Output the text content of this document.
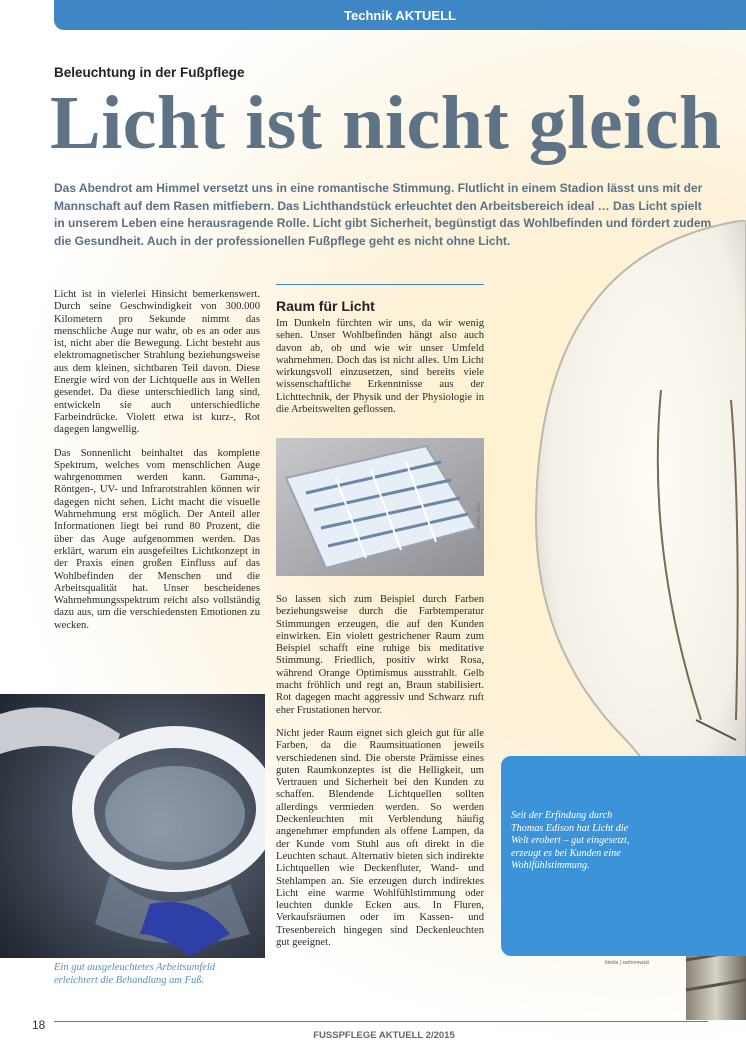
Technik AKTUELL
Beleuchtung in der Fußpflege
Licht ist nicht gleich

Das Abendrot am Himmel versetzt uns in eine romantische Stimmung. Flutlicht in einem Stadion lässt uns mit der Mannschaft auf dem Rasen mitfiebern. Das Lichthandstück erleuchtet den Arbeitsbereich ideal … Das Licht spielt in unserem Leben eine herausragende Rolle. Licht gibt Sicherheit, begünstigt das Wohlbefinden und fördert zudem die Gesundheit. Auch in der professionellen Fußpflege geht es nicht ohne Licht.

Licht ist in vielerlei Hinsicht bemerkenswert. Durch seine Geschwindigkeit von 300.000 Kilometern pro Sekunde nimmt das menschliche Auge nur wahr, ob es an oder aus ist, nicht aber die Bewegung. Licht besteht aus elektromagnetischer Strahlung beziehungsweise aus dem kleinen, sichtbaren Teil davon. Diese Energie wird von der Lichtquelle aus in Wellen gesendet. Da diese unterschiedlich lang sind, entwickeln sie auch unterschiedliche Farbeindrücke. Violett etwa ist kurz-, Rot dagegen langwellig.

Das Sonnenlicht beinhaltet das komplette Spektrum, welches vom menschlichen Auge wahrgenommen werden kann. Gamma-, Röntgen-, UV- und Infrarotstrahlen können wir dagegen nicht sehen. Licht macht die visuelle Wahrnehmung erst möglich. Der Anteil aller Informationen liegt bei rund 80 Prozent, die über das Auge aufgenommen werden. Das erklärt, warum ein ausgefeiltes Lichtkonzept in der Praxis einen großen Einfluss auf das Wohlbefinden der Menschen und die Arbeitsqualität hat. Unser bescheidenes Wahrnehmungsspektrum reicht also vollständig dazu aus, um die verschiedensten Emotionen zu wecken.

Raum für Licht

Im Dunkeln fürchten wir uns, da wir wenig sehen. Unser Wohlbefinden hängt also auch davon ab, ob und wie wir unser Umfeld wahrnehmen. Doch das ist nicht alles. Um Licht wirkungsvoll einzusetzen, sind bereits viele wissenschaftliche Erkenntnisse aus der Lichttechnik, der Physik und der Physiologie in die Arbeitswelten geflossen.

fotolia | almir

So lassen sich zum Beispiel durch Farben beziehungsweise durch die Farbtemperatur Stimmungen erzeugen, die auf den Kunden einwirken. Ein violett gestrichener Raum zum Beispiel schafft eine ruhige bis meditative Stimmung. Friedlich, positiv wirkt Rosa, während Orange Optimismus ausstrahlt. Gelb macht fröhlich und regt an, Braun stabilisiert. Rot dagegen macht aggressiv und Schwarz ruft eher Frustationen hervor.

Nicht jeder Raum eignet sich gleich gut für alle Farben, da die Raumsituationen jeweils verschiedenen sind. Die oberste Prämisse eines guten Raumkonzeptes ist die Helligkeit, um Vertrauen und Sicherheit bei den Kunden zu schaffen. Blendende Lichtquellen sollten allerdings vermieden werden. So werden Deckenleuchten mit Verblendung häufig angenehmer empfunden als offene Lampen, da der Kunde vom Stuhl aus oft direkt in die Leuchten schaut. Alternativ bieten sich indirekte Lichtquellen wie Deckenfluter, Wand- und Stehlampen an. Sie erzeugen durch indirektes Licht eine warme Wohlfühlstimmung oder leuchten dunkle Ecken aus. In Fluren, Verkaufsräumen oder im Kassen- und Tresenbereich hingegen sind Deckenleuchten gut geeignet.

Ein gut ausgeleuchtetes Arbeitsumfeld erleichtert die Behandlung am Fuß.

Seit der Erfindung durch Thomas Edison hat Licht die Welt erobert – gut eingesetzt, erzeugt es bei Kunden eine Wohlfühlstimmung.

fotolia | sarhorewski
18
FUSSPFLEGE AKTUELL 2/2015
